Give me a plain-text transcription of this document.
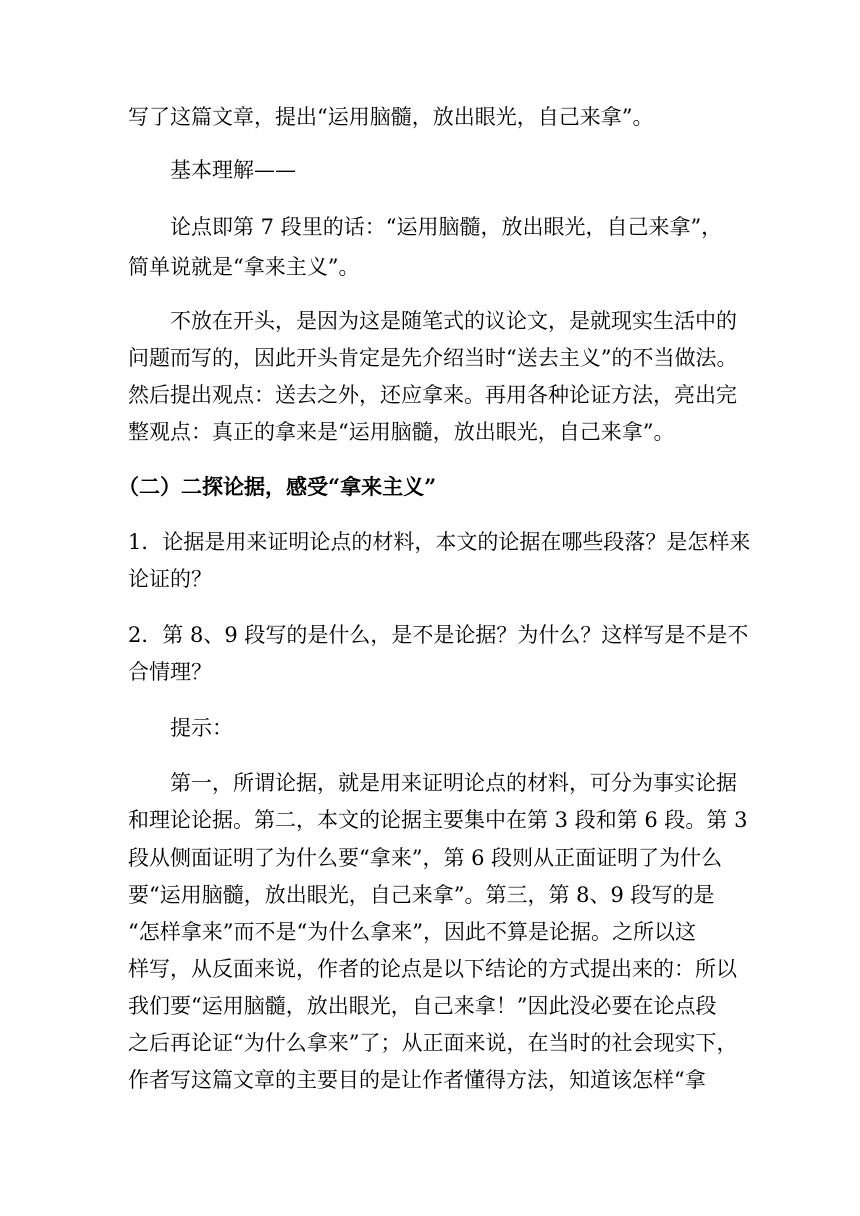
写了这篇文章，提出“运用脑髓，放出眼光，自己来拿”。

基本理解——

论点即第 7 段里的话：“运用脑髓，放出眼光，自己来拿”，

简单说就是“拿来主义”。

不放在开头，是因为这是随笔式的议论文，是就现实生活中的

问题而写的，因此开头肯定是先介绍当时“送去主义”的不当做法。

然后提出观点：送去之外，还应拿来。再用各种论证方法，亮出完

整观点：真正的拿来是“运用脑髓，放出眼光，自己来拿”。

（二）二探论据，感受“拿来主义”

1．论据是用来证明论点的材料，本文的论据在哪些段落？是怎样来

论证的？

2．第 8、9 段写的是什么，是不是论据？为什么？这样写是不是不

合情理？

提示：

第一，所谓论据，就是用来证明论点的材料，可分为事实论据

和理论论据。第二，本文的论据主要集中在第 3 段和第 6 段。第 3

段从侧面证明了为什么要“拿来”，第 6 段则从正面证明了为什么

要“运用脑髓，放出眼光，自己来拿”。第三，第 8、9 段写的是

“怎样拿来”而不是“为什么拿来”，因此不算是论据。之所以这

样写，从反面来说，作者的论点是以下结论的方式提出来的：所以

我们要“运用脑髓，放出眼光，自己来拿！”因此没必要在论点段

之后再论证“为什么拿来”了；从正面来说，在当时的社会现实下，

作者写这篇文章的主要目的是让作者懂得方法，知道该怎样“拿
